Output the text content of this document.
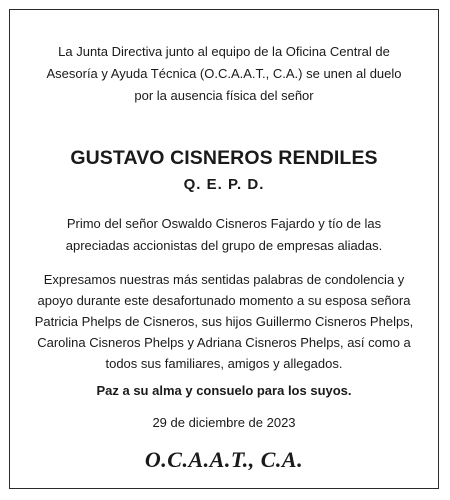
La Junta Directiva junto al equipo de la Oficina Central de Asesoría y Ayuda Técnica (O.C.A.A.T., C.A.) se unen al duelo por la ausencia física del señor
GUSTAVO CISNEROS RENDILES
Q. E. P. D.
Primo del señor Oswaldo Cisneros Fajardo y tío de las apreciadas accionistas del grupo de empresas aliadas.
Expresamos nuestras más sentidas palabras de condolencia y apoyo durante este desafortunado momento a su esposa señora Patricia Phelps de Cisneros, sus hijos Guillermo Cisneros Phelps, Carolina Cisneros Phelps y Adriana Cisneros Phelps, así como a todos sus familiares, amigos y allegados.
Paz a su alma y consuelo para los suyos.
29 de diciembre de 2023
O.C.A.A.T., C.A.
